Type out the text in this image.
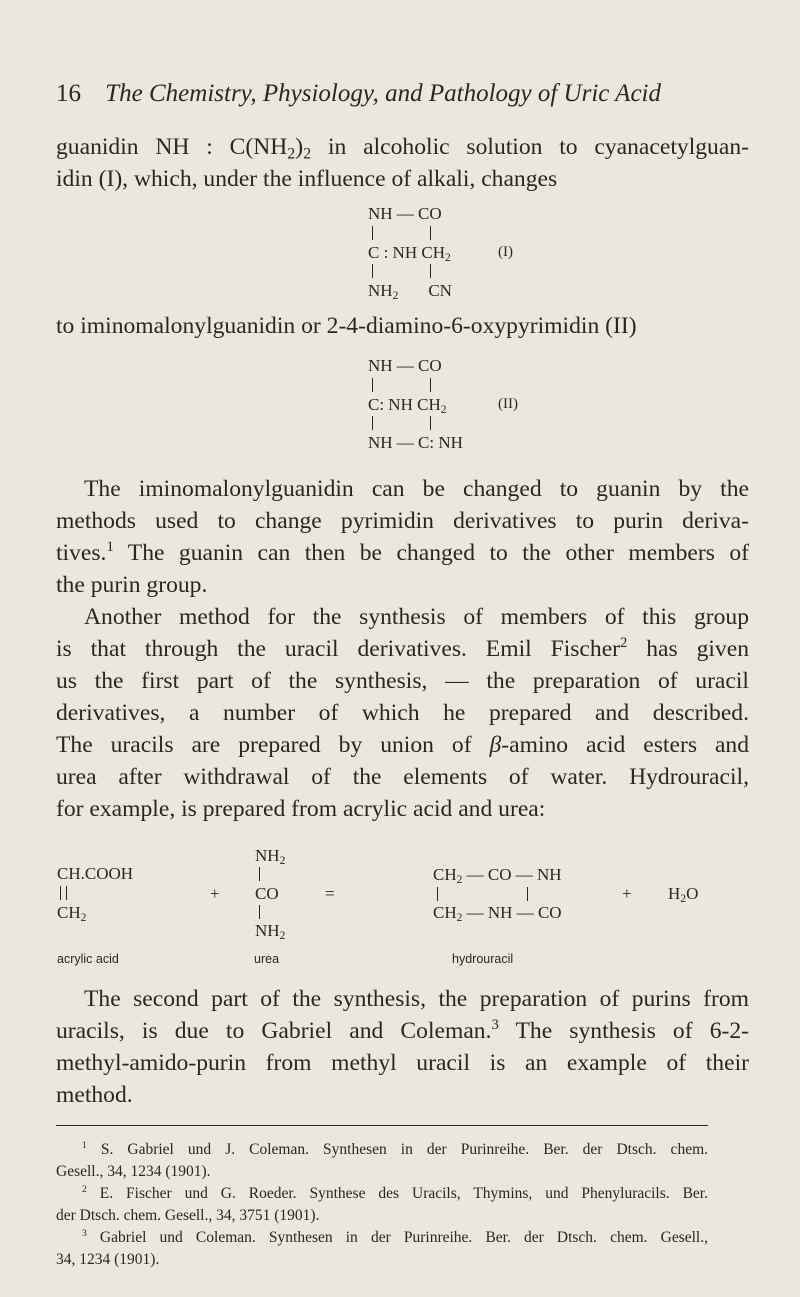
16 The Chemistry, Physiology, and Pathology of Uric Acid
guanidin NH : $C(NH_2)_2$ in alcoholic solution to cyanacetylguan-
idin (I), which, under the influence of alkali, changes
NH — CO
C : NH $CH_2$	(I)
$NH_2$ CN
to iminomalonylguanidin or 2-4-diamino-6-oxypyrimidin (II)
NH — CO
C: NH $CH_2$	(II)
NH — C: NH
The iminomalonylguanidin can be changed to guanin by the
methods used to change pyrimidin derivatives to purin deriva-
tives.$^1$ The guanin can then be changed to the other members of
the purin group.
Another method for the synthesis of members of this group
is that through the uracil derivatives. Emil Fischer$^2$ has given
us the first part of the synthesis, — the preparation of uracil
derivatives, a number of which he prepared and described.
The uracils are prepared by union of β-amino acid esters and
urea after withdrawal of the elements of water. Hydrouracil,
for example, is prepared from acrylic acid and urea:
CH.COOH
$CH_2$
+
$NH_2$
CO
$NH_2$
=
$CH_2$ — CO — NH
$CH_2$ — NH — CO
+ $H_2O$
acrylic acid	urea	hydrouracil
The second part of the synthesis, the preparation of purins from
uracils, is due to Gabriel and Coleman.$^3$ The synthesis of 6-2-
methyl-amido-purin from methyl uracil is an example of their
method.
$^1$ S. Gabriel und J. Coleman. Synthesen in der Purinreihe. Ber. der Dtsch. chem.
Gesell., 34, 1234 (1901).
$^2$ E. Fischer und G. Roeder. Synthese des Uracils, Thymins, und Phenyluracils. Ber.
der Dtsch. chem. Gesell., 34, 3751 (1901).
$^3$ Gabriel und Coleman. Synthesen in der Purinreihe. Ber. der Dtsch. chem. Gesell.,
34, 1234 (1901).
